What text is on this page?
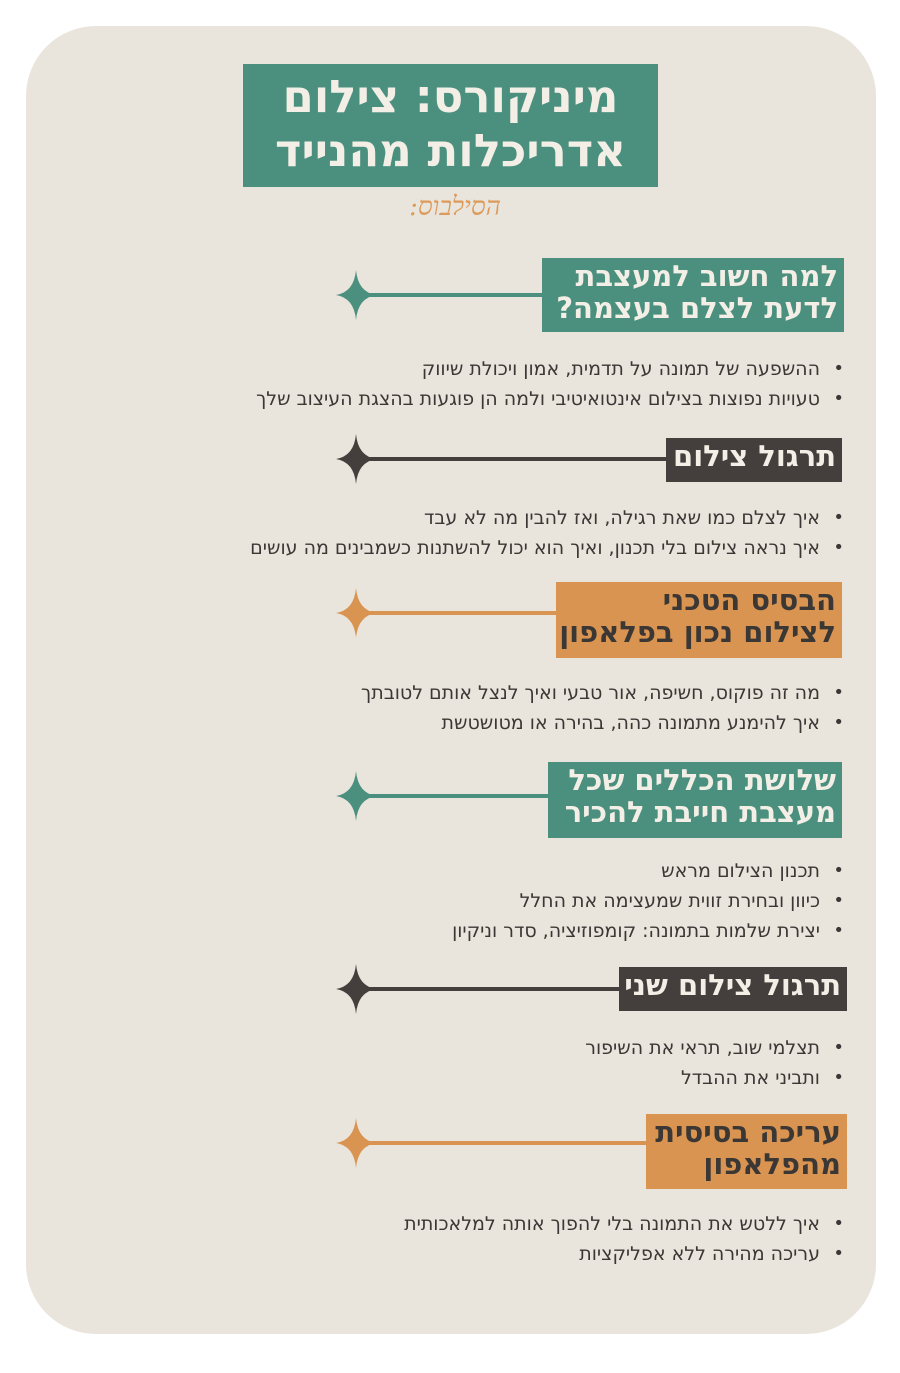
מיניקורס: צילום
אדריכלות מהנייד
הסילבוס:
למה חשוב למעצבת
לדעת לצלם בעצמה?
• ההשפעה של תמונה על תדמית, אמון ויכולת שיווק
• טעויות נפוצות בצילום אינטואיטיבי ולמה הן פוגעות בהצגת העיצוב שלך
תרגול צילום
• איך לצלם כמו שאת רגילה, ואז להבין מה לא עבד
• איך נראה צילום בלי תכנון, ואיך הוא יכול להשתנות כשמבינים מה עושים
הבסיס הטכני
לצילום נכון בפלאפון
• מה זה פוקוס, חשיפה, אור טבעי ואיך לנצל אותם לטובתך
• איך להימנע מתמונה כהה, בהירה או מטושטשת
שלושת הכללים שכל
מעצבת חייבת להכיר
• תכנון הצילום מראש
• כיוון ובחירת זווית שמעצימה את החלל
• יצירת שלמות בתמונה: קומפוזיציה, סדר וניקיון
תרגול צילום שני
• תצלמי שוב, תראי את השיפור
• ותביני את ההבדל
עריכה בסיסית
מהפלאפון
• איך ללטש את התמונה בלי להפוך אותה למלאכותית
• עריכה מהירה ללא אפליקציות
